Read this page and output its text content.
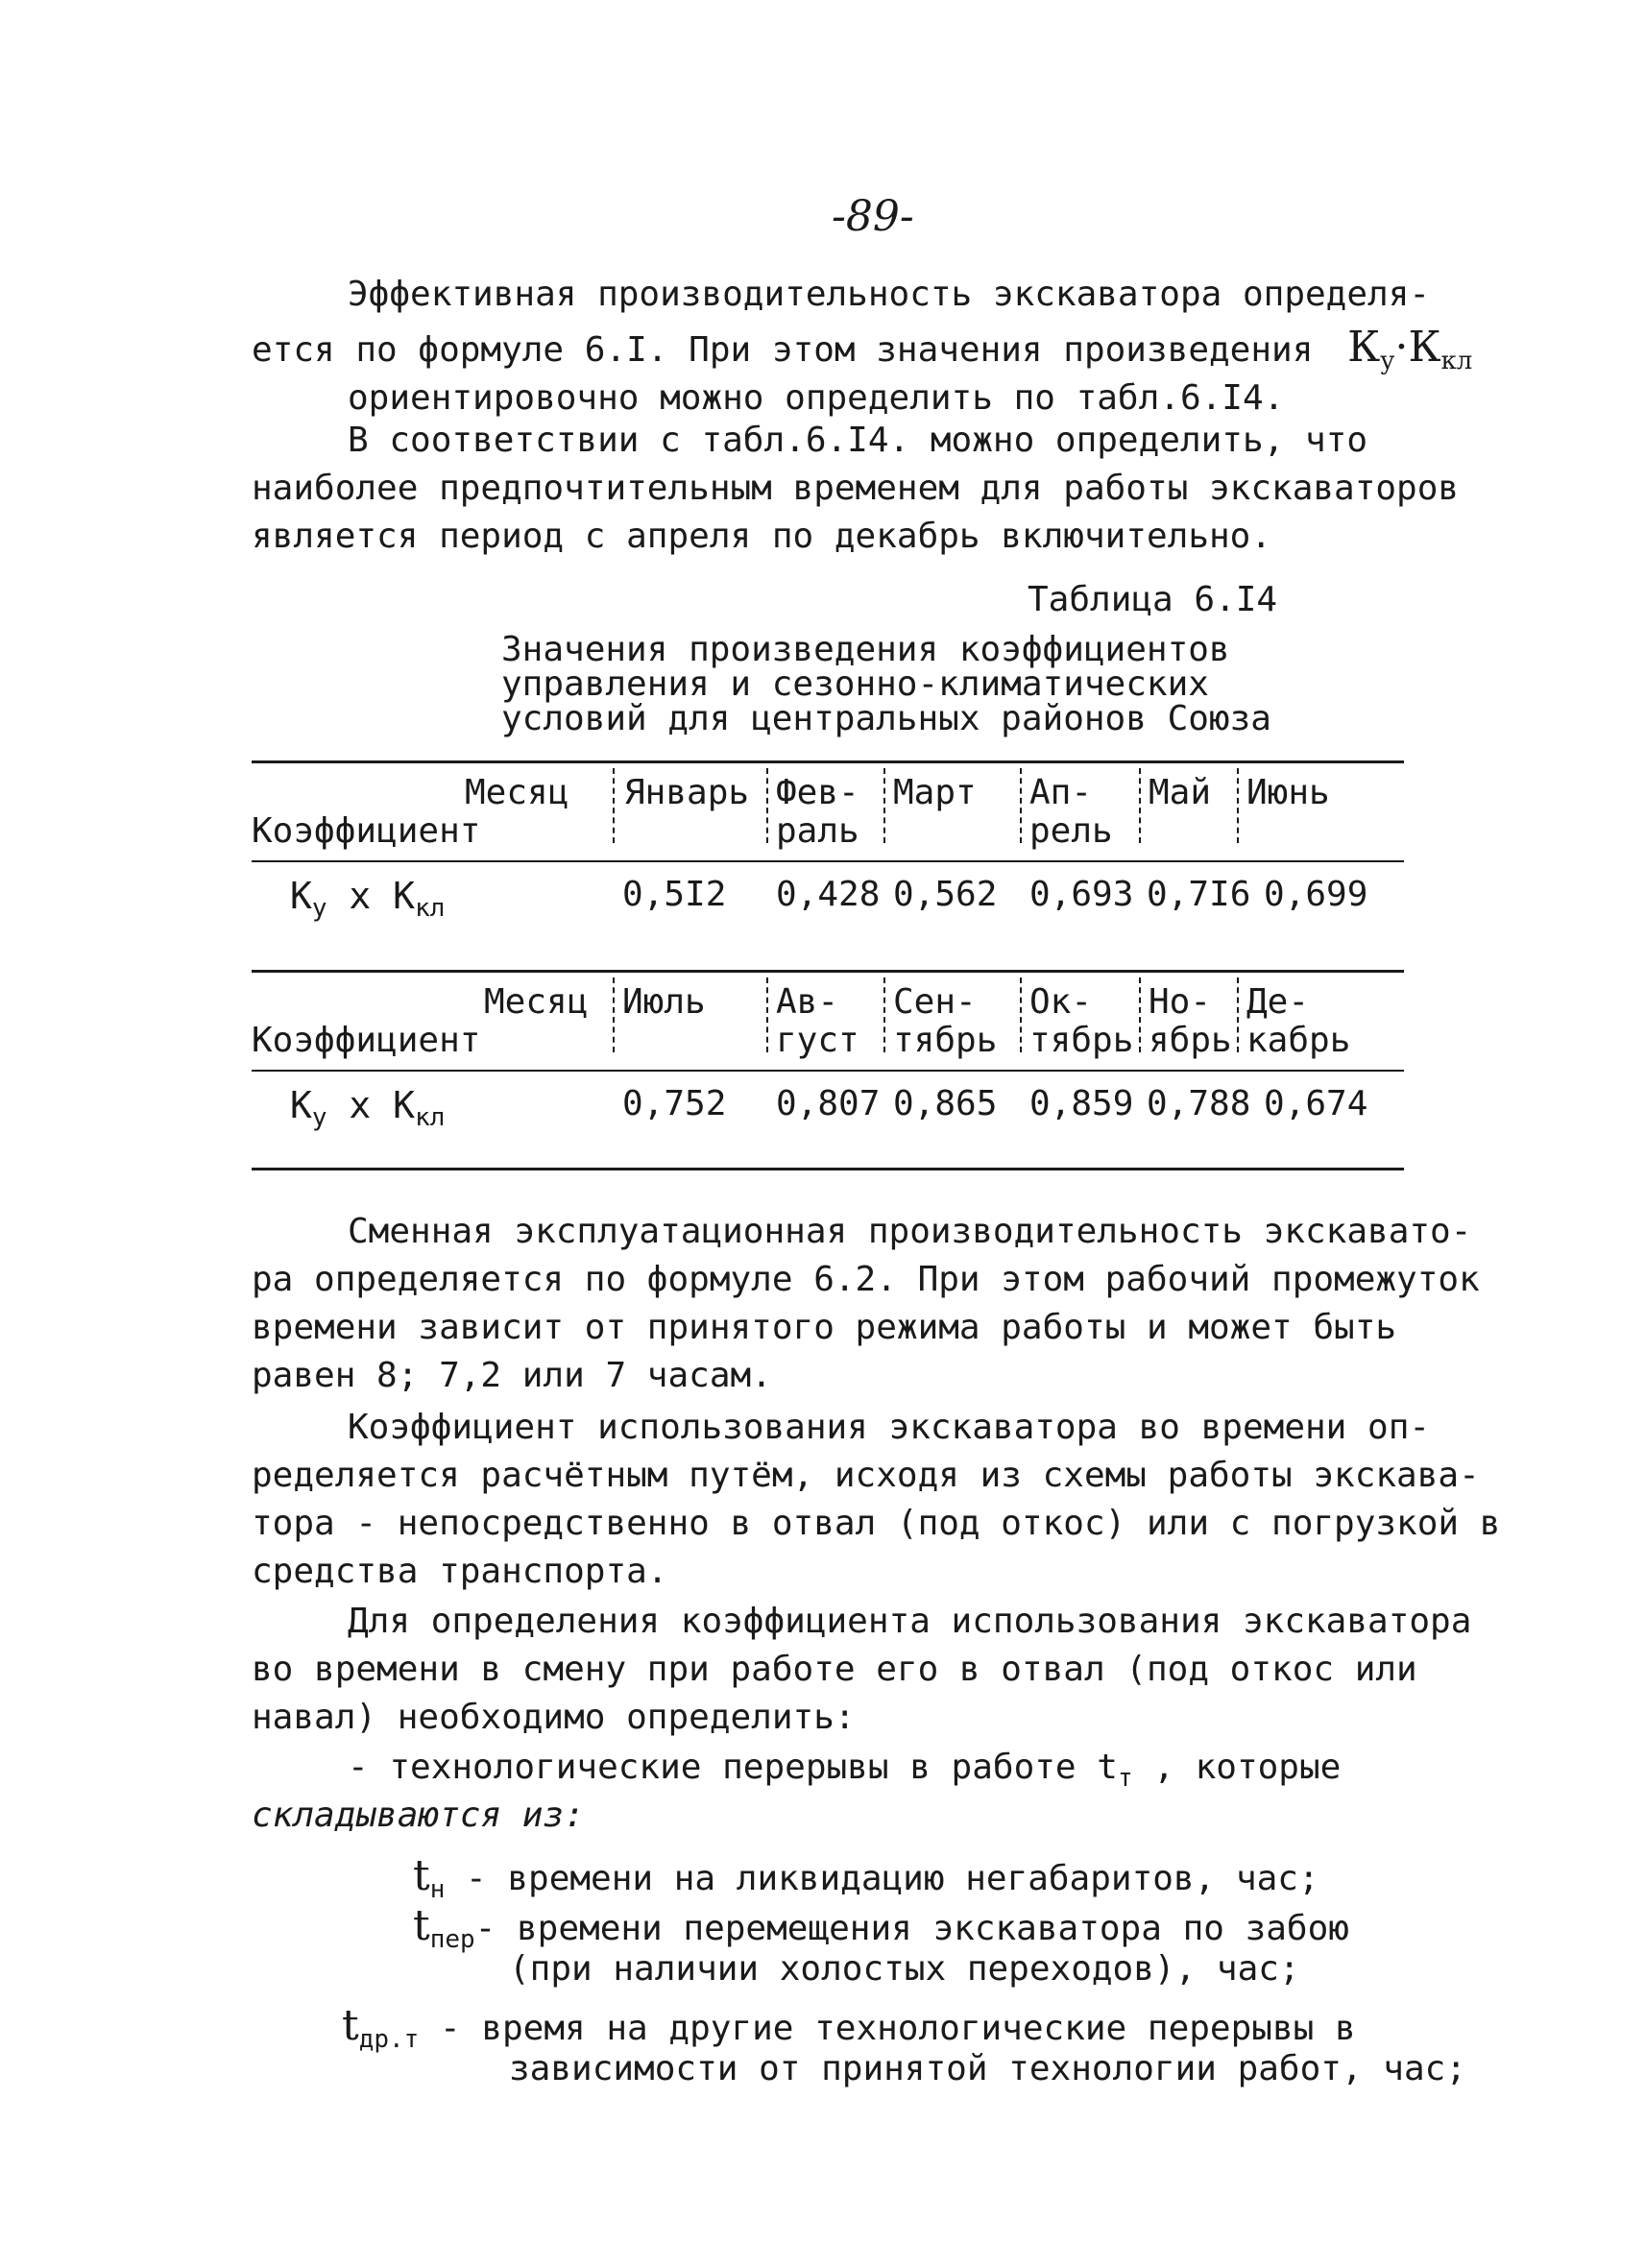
-89-
Эффективная производительность экскаватора определя-
ется по формуле 6.I. При этом значения произведения $К_у\cdot К_{кл}$
ориентировочно можно определить по табл.6.I4.
В соответствии с табл.6.I4. можно определить, что
наиболее предпочтительным временем для работы экскаваторов
является период с апреля по декабрь включительно.
Таблица 6.I4
Значения произведения коэффициентов
управления и сезонно-климатических
условий для центральных районов Союза
Месяц
Коэффициент
Январь Фев-
раль
Март Ап-
рель
Май Июнь
$К_у$ х $К_{кл}$	0,5I2 0,428 0,562 0,693 0,7I6 0,699
Месяц
Коэффициент
Июль Ав-
густ
Сен-
тябрь
Ок-
тябрь
Но-
ябрь
Де-
кабрь
$К_у$ х $К_{кл}$	0,752 0,807 0,865 0,859 0,788 0,674
Сменная эксплуатационная производительность экскавато-
ра определяется по формуле 6.2. При этом рабочий промежуток
времени зависит от принятого режима работы и может быть
равен 8; 7,2 или 7 часам.
Коэффициент использования экскаватора во времени оп-
ределяется расчётным путём, исходя из схемы работы экскава-
тора - непосредственно в отвал (под откос) или с погрузкой в
средства транспорта.
Для определения коэффициента использования экскаватора
во времени в смену при работе его в отвал (под откос или
навал) необходимо определить:
- технологические перерывы в работе $t_т$ , которые
складываются из:
$t_н$ - времени на ликвидацию негабаритов, час;
$t_{пер}-$ времени перемещения экскаватора по забою
(при наличии холостых переходов), час;
$t_{др.т}$ - время на другие технологические перерывы в
зависимости от принятой технологии работ, час;
